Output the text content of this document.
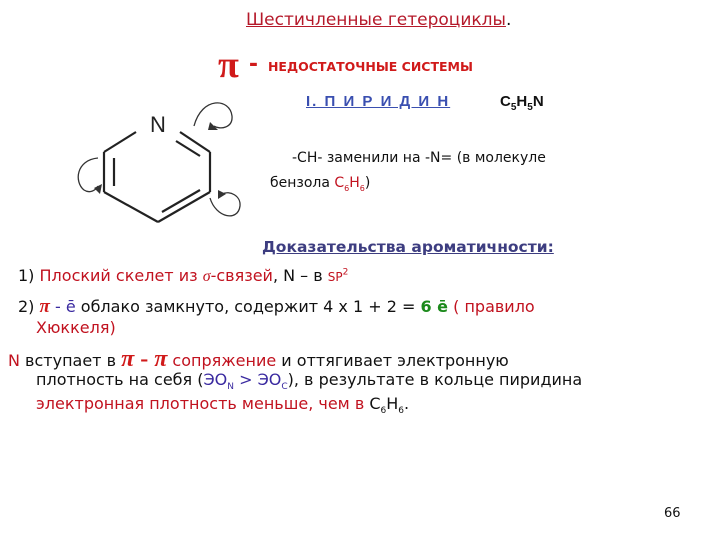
Шестичленные гетероциклы.
π - $^{НЕДОСТАТОЧНЫЕ СИСТЕМЫ}$
I. П И Р И Д И Н	$C_5H_5N$
N
-CH- заменили на -N= (в молекуле
бензола $C_6H_6$)
Доказательства ароматичности:
1) Плоский скелет из σ-связей, N – в $SP^2$
2) π - ē облако замкнуто, содержит 4 х 1 + 2 = 6 ē ( правило
Хюккеля)
N вступает в π - π сопряжение и оттягивает электронную
плотность на себя $(ЭО_N > ЭО_C)$, в результате в кольце пиридина
электронная плотность меньше, чем в $C_6H_6$.
66
